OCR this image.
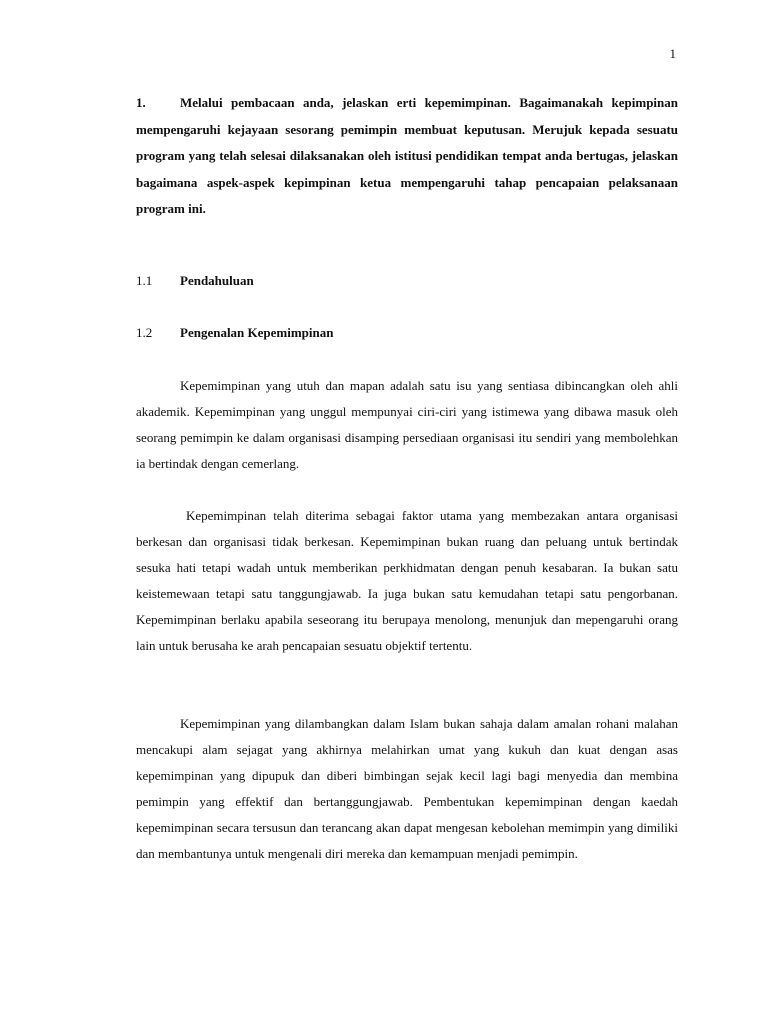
1
1.	Melalui pembacaan anda, jelaskan erti kepemimpinan. Bagaimanakah kepimpinan mempengaruhi kejayaan sesorang pemimpin membuat keputusan. Merujuk kepada sesuatu program yang telah selesai dilaksanakan oleh istitusi pendidikan tempat anda bertugas, jelaskan bagaimana aspek-aspek kepimpinan ketua mempengaruhi tahap pencapaian pelaksanaan program ini.
1.1 Pendahuluan
1.2 Pengenalan Kepemimpinan

Kepemimpinan yang utuh dan mapan adalah satu isu yang sentiasa dibincangkan oleh ahli akademik. Kepemimpinan yang unggul mempunyai ciri-ciri yang istimewa yang dibawa masuk oleh seorang pemimpin ke dalam organisasi disamping persediaan organisasi itu sendiri yang membolehkan ia bertindak dengan cemerlang.

Kepemimpinan telah diterima sebagai faktor utama yang membezakan antara organisasi berkesan dan organisasi tidak berkesan. Kepemimpinan bukan ruang dan peluang untuk bertindak sesuka hati tetapi wadah untuk memberikan perkhidmatan dengan penuh kesabaran. Ia bukan satu keistemewaan tetapi satu tanggungjawab. Ia juga bukan satu kemudahan tetapi satu pengorbanan. Kepemimpinan berlaku apabila seseorang itu berupaya menolong, menunjuk dan mepengaruhi orang lain untuk berusaha ke arah pencapaian sesuatu objektif tertentu.

Kepemimpinan yang dilambangkan dalam Islam bukan sahaja dalam amalan rohani malahan mencakupi alam sejagat yang akhirnya melahirkan umat yang kukuh dan kuat dengan asas kepemimpinan yang dipupuk dan diberi bimbingan sejak kecil lagi bagi menyedia dan membina pemimpin yang effektif dan bertanggungjawab. Pembentukan kepemimpinan dengan kaedah kepemimpinan secara tersusun dan terancang akan dapat mengesan kebolehan memimpin yang dimiliki dan membantunya untuk mengenali diri mereka dan kemampuan menjadi pemimpin.
